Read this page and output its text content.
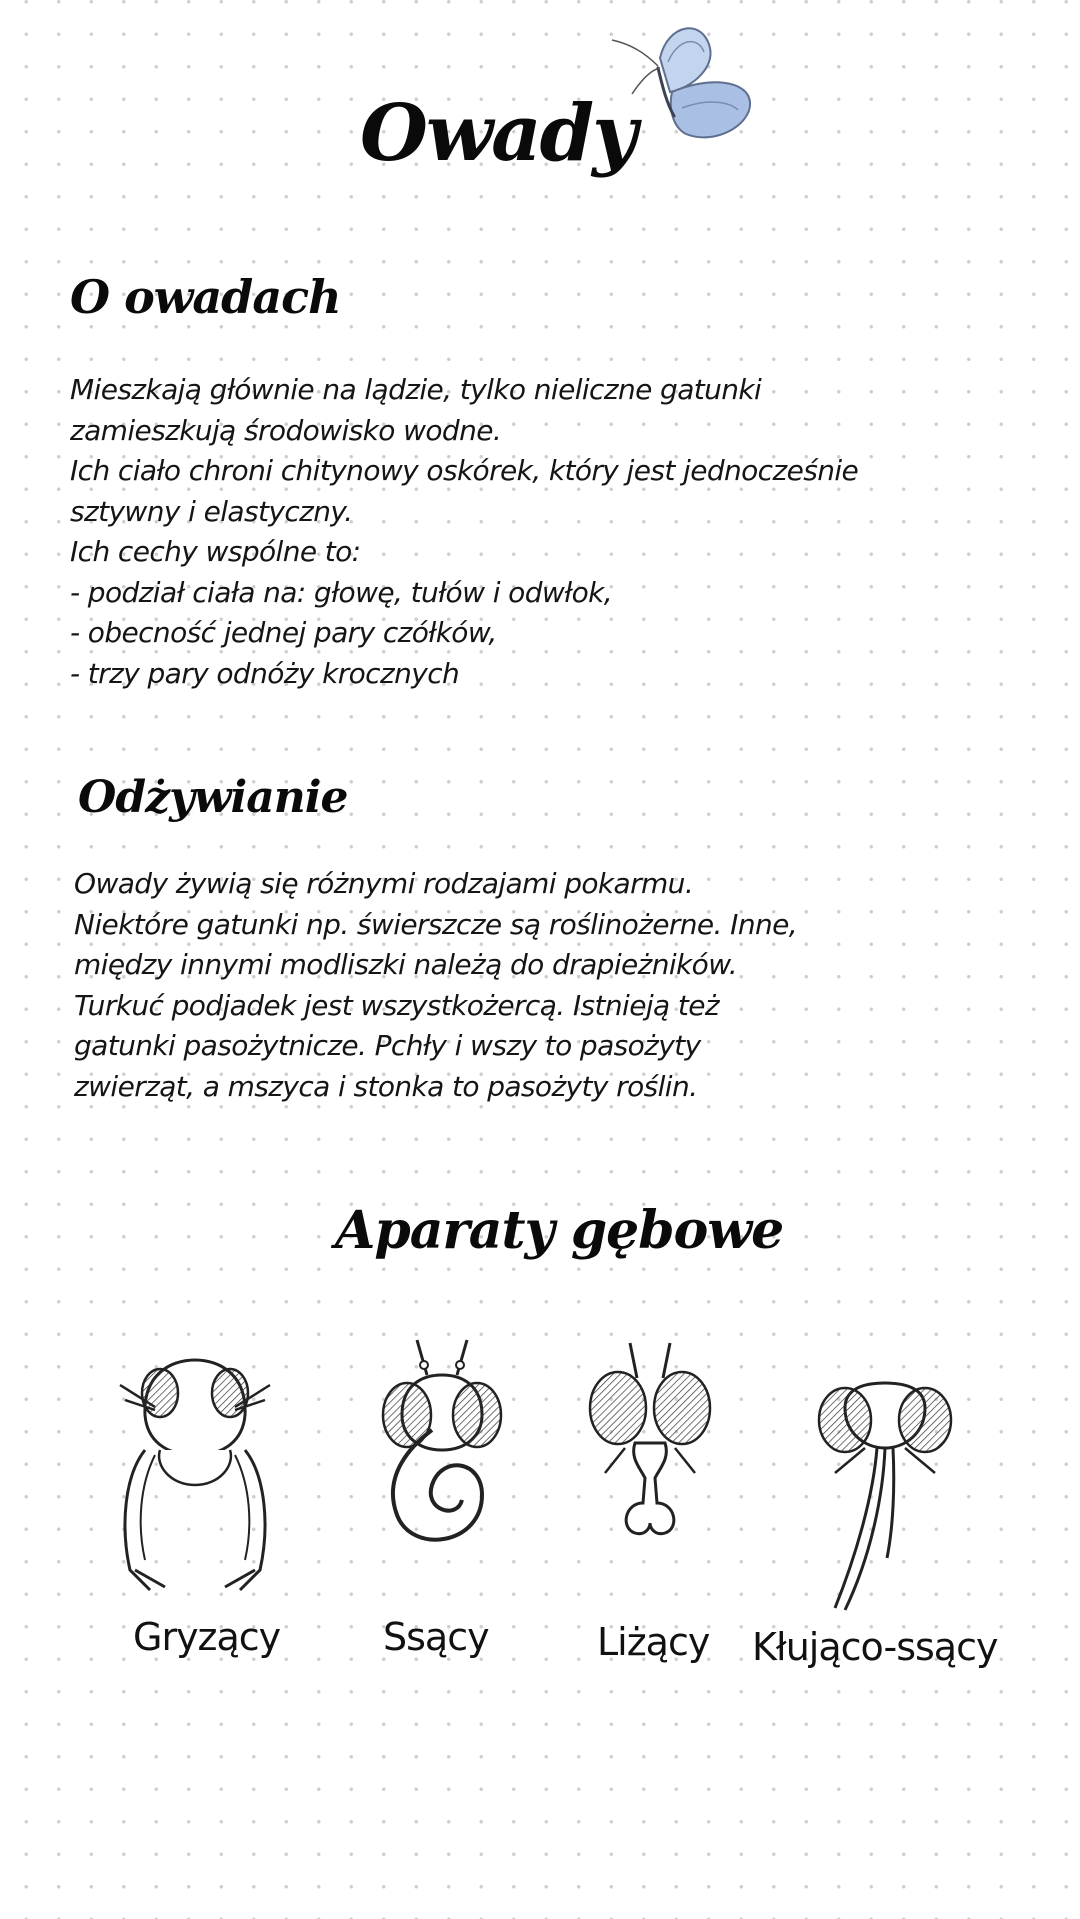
Owady
O owadach
Mieszkają głównie na lądzie, tylko nieliczne gatunki
zamieszkują środowisko wodne.
Ich ciało chroni chitynowy oskórek, który jest jednocześnie
sztywny i elastyczny.
Ich cechy wspólne to:
- podział ciała na: głowę, tułów i odwłok,
- obecność jednej pary czółków,
- trzy pary odnóży krocznych
Odżywianie
Owady żywią się różnymi rodzajami pokarmu.
Niektóre gatunki np. świerszcze są roślinożerne. Inne,
między innymi modliszki należą do drapieżników.
Turkuć podjadek jest wszystkożercą. Istnieją też
gatunki pasożytnicze. Pchły i wszy to pasożyty
zwierząt, a mszyca i stonka to pasożyty roślin.
Aparaty gębowe
Gryzący	Ssący	Liżący Kłująco-ssący
